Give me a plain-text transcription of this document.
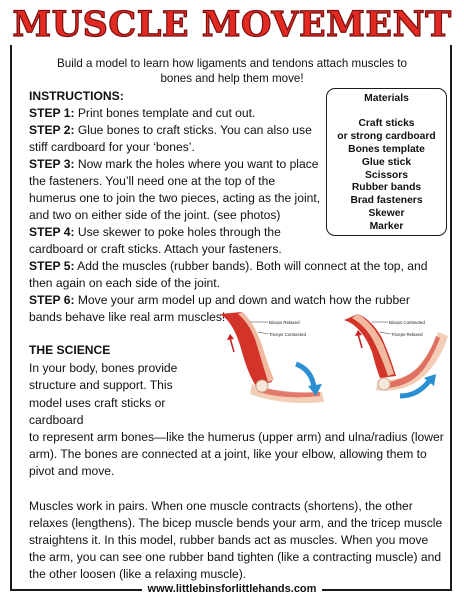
MUSCLE MOVEMENT
Build a model to learn how ligaments and tendons attach muscles to bones and help them move!
INSTRUCTIONS:

STEP 1: Print bones template and cut out.

STEP 2: Glue bones to craft sticks. You can also use stiff cardboard for your ‘bones’.

STEP 3: Now mark the holes where you want to place the fasteners. You’ll need one at the top of the humerus one to join the two pieces, acting as the joint, and two on either side of the joint. (see photos)

STEP 4: Use skewer to poke holes through the cardboard or craft sticks. Attach your fasteners.

STEP 5: Add the muscles (rubber bands). Both will connect at the top, and then again on each side of the joint.

STEP 6: Move your arm model up and down and watch how the rubber bands behave like real arm muscles!

Materials
Craft sticks
or strong cardboard
Bones template
Glue stick
Scissors
Rubber bands
Brad fasteners
Skewer
Marker
Biceps Relaxed
Triceps Contracted
Biceps Contracted
Triceps Relaxed
THE SCIENCE

In your body, bones provide structure and support. This model uses craft sticks or cardboard
to represent arm bones—like the humerus (upper arm) and ulna/radius (lower arm). The bones are connected at a joint, like your elbow, allowing them to pivot and move.

Muscles work in pairs. When one muscle contracts (shortens), the other relaxes (lengthens). The bicep muscle bends your arm, and the tricep muscle straightens it. In this model, rubber bands act as muscles. When you move the arm, you can see one rubber band tighten (like a contracting muscle) and the other loosen (like a relaxing muscle).

www.littlebinsforlittlehands.com
